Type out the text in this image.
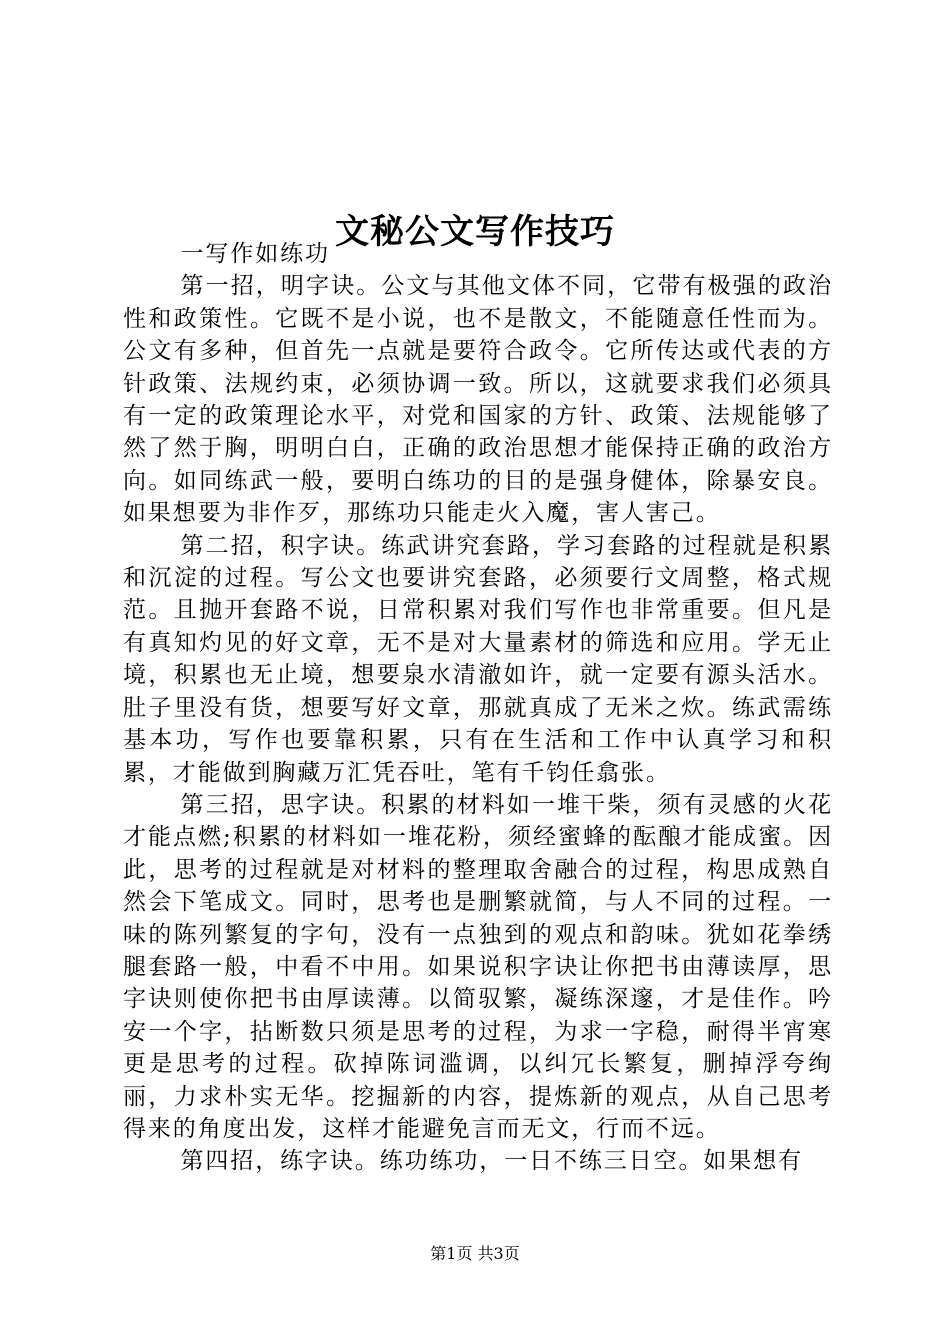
文秘公文写作技巧

一写作如练功

第一招，明字诀。公文与其他文体不同，它带有极强的政治性和政策性。它既不是小说，也不是散文，不能随意任性而为。公文有多种，但首先一点就是要符合政令。它所传达或代表的方针政策、法规约束，必须协调一致。所以，这就要求我们必须具有一定的政策理论水平，对党和国家的方针、政策、法规能够了然了然于胸，明明白白，正确的政治思想才能保持正确的政治方向。如同练武一般，要明白练功的目的是强身健体，除暴安良。如果想要为非作歹，那练功只能走火入魔，害人害己。

第二招，积字诀。练武讲究套路，学习套路的过程就是积累和沉淀的过程。写公文也要讲究套路，必须要行文周整，格式规范。且抛开套路不说，日常积累对我们写作也非常重要。但凡是有真知灼见的好文章，无不是对大量素材的筛选和应用。学无止境，积累也无止境，想要泉水清澈如许，就一定要有源头活水。肚子里没有货，想要写好文章，那就真成了无米之炊。练武需练基本功，写作也要靠积累，只有在生活和工作中认真学习和积累，才能做到胸藏万汇凭吞吐，笔有千钧任翕张。

第三招，思字诀。积累的材料如一堆干柴，须有灵感的火花才能点燃;积累的材料如一堆花粉，须经蜜蜂的酝酿才能成蜜。因此，思考的过程就是对材料的整理取舍融合的过程，构思成熟自然会下笔成文。同时，思考也是删繁就简，与人不同的过程。一味的陈列繁复的字句，没有一点独到的观点和韵味。犹如花拳绣腿套路一般，中看不中用。如果说积字诀让你把书由薄读厚，思字诀则使你把书由厚读薄。以简驭繁，凝练深邃，才是佳作。吟安一个字，拈断数只须是思考的过程，为求一字稳，耐得半宵寒更是思考的过程。砍掉陈词滥调，以纠冗长繁复，删掉浮夸绚丽，力求朴实无华。挖掘新的内容，提炼新的观点，从自己思考得来的角度出发，这样才能避免言而无文，行而不远。

第四招，练字诀。练功练功，一日不练三日空。如果想有

第1页 共3页
